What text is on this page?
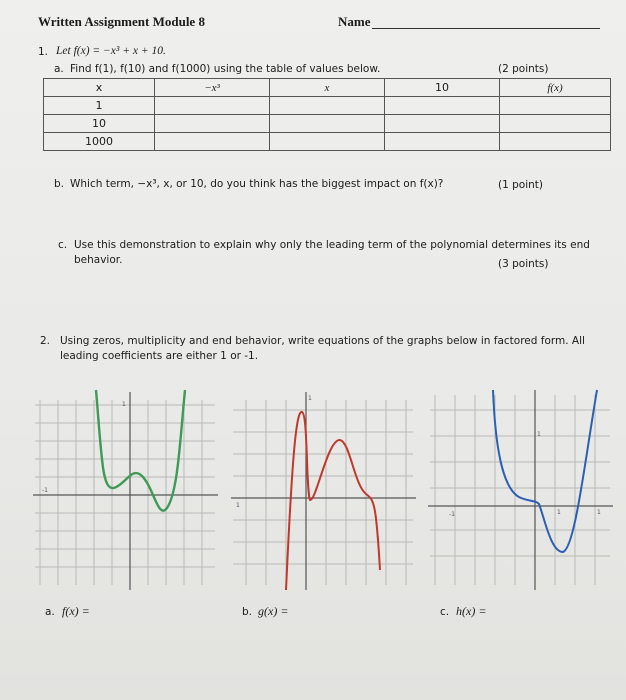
Written Assignment Module 8	Name
1. Let f(x) = −x³ + x + 10.
a. Find f(1), f(10) and f(1000) using the table of values below.	(2 points)
x	−x³	x	10	f(x)
1				
10				
1000				
b. Which term, −x³, x, or 10, do you think has the biggest impact on f(x)?	(1 point)
c. Use this demonstration to explain why only the leading term of the polynomial determines its end
behavior.	(3 points)
2. Using zeros, multiplicity and end behavior, write equations of the graphs below in factored form. All
leading coefficients are either 1 or -1.
-1
1
1
1
-1	1
1
1
a. f(x) =	b. g(x) =	c. h(x) =
